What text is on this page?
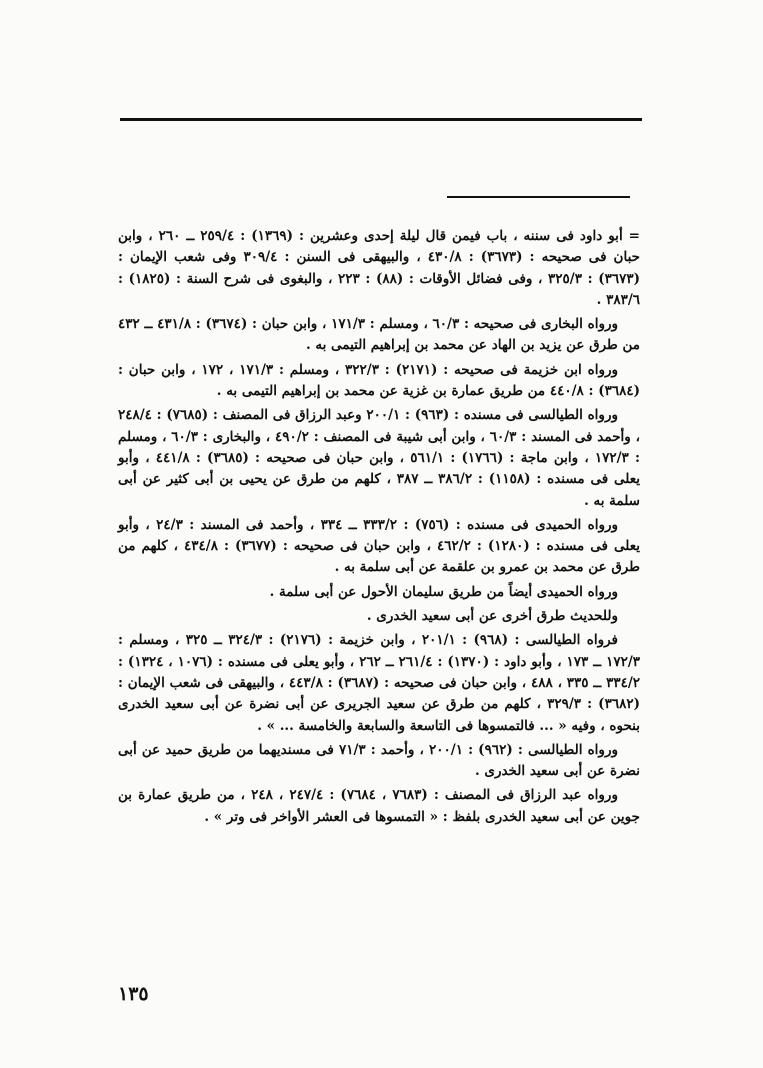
= أبو داود فى سننه ، باب فيمن قال ليلة إحدى وعشرين : (١٣٦٩) : ٢٥٩/٤ ــ ٢٦٠ ، وابن حبان فى صحيحه : (٣٦٧٣) : ٤٣٠/٨ ، والبيهقى فى السنن : ٣٠٩/٤ وفى شعب الإيمان : (٣٦٧٣) : ٣٢٥/٣ ، وفى فضائل الأوقات : (٨٨) : ٢٢٣ ، والبغوى فى شرح السنة : (١٨٢٥) : ٣٨٣/٦ .

ورواه البخارى فى صحيحه : ٦٠/٣ ، ومسلم : ١٧١/٣ ، وابن حبان : (٣٦٧٤) : ٤٣١/٨ ــ ٤٣٢ من طرق عن يزيد بن الهاد عن محمد بن إبراهيم التيمى به .

ورواه ابن خزيمة فى صحيحه : (٢١٧١) : ٣٢٢/٣ ، ومسلم : ١٧١/٣ ، ١٧٢ ، وابن حبان : (٣٦٨٤) : ٤٤٠/٨ من طريق عمارة بن غزية عن محمد بن إبراهيم التيمى به .

ورواه الطيالسى فى مسنده : (٩٦٣) : ٢٠٠/١ وعبد الرزاق فى المصنف : (٧٦٨٥) : ٢٤٨/٤ ، وأحمد فى المسند : ٦٠/٣ ، وابن أبى شيبة فى المصنف : ٤٩٠/٢ ، والبخارى : ٦٠/٣ ، ومسلم : ١٧٢/٣ ، وابن ماجة : (١٧٦٦) : ٥٦١/١ ، وابن حبان فى صحيحه : (٣٦٨٥) : ٤٤١/٨ ، وأبو يعلى فى مسنده : (١١٥٨) : ٣٨٦/٢ ــ ٣٨٧ ، كلهم من طرق عن يحيى بن أبى كثير عن أبى سلمة به .

ورواه الحميدى فى مسنده : (٧٥٦) : ٣٣٣/٢ ــ ٣٣٤ ، وأحمد فى المسند : ٢٤/٣ ، وأبو يعلى فى مسنده : (١٢٨٠) : ٤٦٢/٢ ، وابن حبان فى صحيحه : (٣٦٧٧) : ٤٣٤/٨ ، كلهم من طرق عن محمد بن عمرو بن علقمة عن أبى سلمة به .

ورواه الحميدى أيضاً من طريق سليمان الأحول عن أبى سلمة .

وللحديث طرق أخرى عن أبى سعيد الخدرى .

فرواه الطيالسى : (٩٦٨) : ٢٠١/١ ، وابن خزيمة : (٢١٧٦) : ٣٢٤/٣ ــ ٣٢٥ ، ومسلم : ١٧٢/٣ ــ ١٧٣ ، وأبو داود : (١٣٧٠) : ٢٦١/٤ ــ ٢٦٢ ، وأبو يعلى فى مسنده : (١٠٧٦ ، ١٣٢٤) : ٣٣٤/٢ ــ ٣٣٥ ، ٤٨٨ ، وابن حبان فى صحيحه : (٣٦٨٧) : ٤٤٣/٨ ، والبيهقى فى شعب الإيمان : (٣٦٨٢) : ٣٢٩/٣ ، كلهم من طرق عن سعيد الجريرى عن أبى نضرة عن أبى سعيد الخدرى بنحوه ، وفيه « ... فالتمسوها فى التاسعة والسابعة والخامسة ... » .

ورواه الطيالسى : (٩٦٢) : ٢٠٠/١ ، وأحمد : ٧١/٣ فى مسنديهما من طريق حميد عن أبى نضرة عن أبى سعيد الخدرى .

ورواه عبد الرزاق فى المصنف : (٧٦٨٣ ، ٧٦٨٤) : ٢٤٧/٤ ، ٢٤٨ ، من طريق عمارة بن جوين عن أبى سعيد الخدرى بلفظ : « التمسوها فى العشر الأواخر فى وتر » .

١٣٥
